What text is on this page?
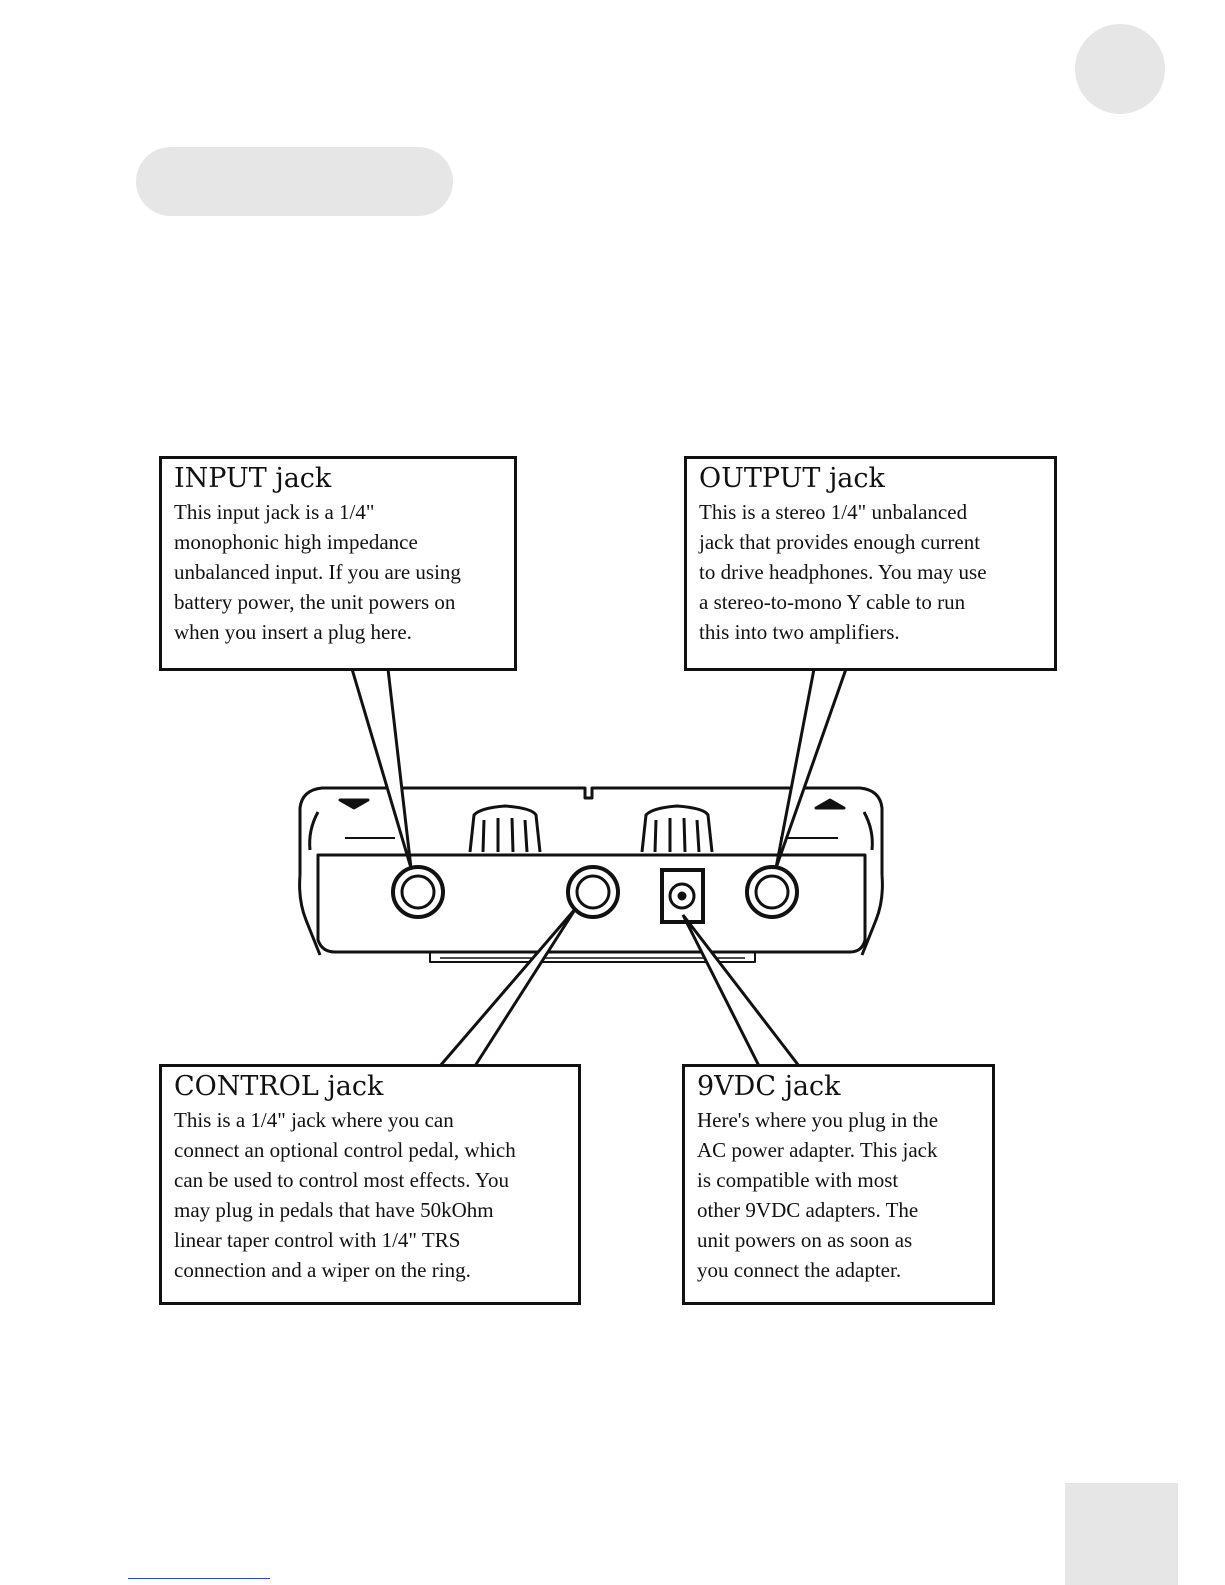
INPUT jack

This input jack is a 1/4"
monophonic high impedance
unbalanced input. If you are using
battery power, the unit powers on
when you insert a plug here.

OUTPUT jack

This is a stereo 1/4" unbalanced
jack that provides enough current
to drive headphones. You may use
a stereo-to-mono Y cable to run
this into two amplifiers.

CONTROL jack

This is a 1/4" jack where you can
connect an optional control pedal, which
can be used to control most effects. You
may plug in pedals that have 50kOhm
linear taper control with 1/4" TRS
connection and a wiper on the ring.

9VDC jack

Here's where you plug in the
AC power adapter. This jack
is compatible with most
other 9VDC adapters. The
unit powers on as soon as
you connect the adapter.
